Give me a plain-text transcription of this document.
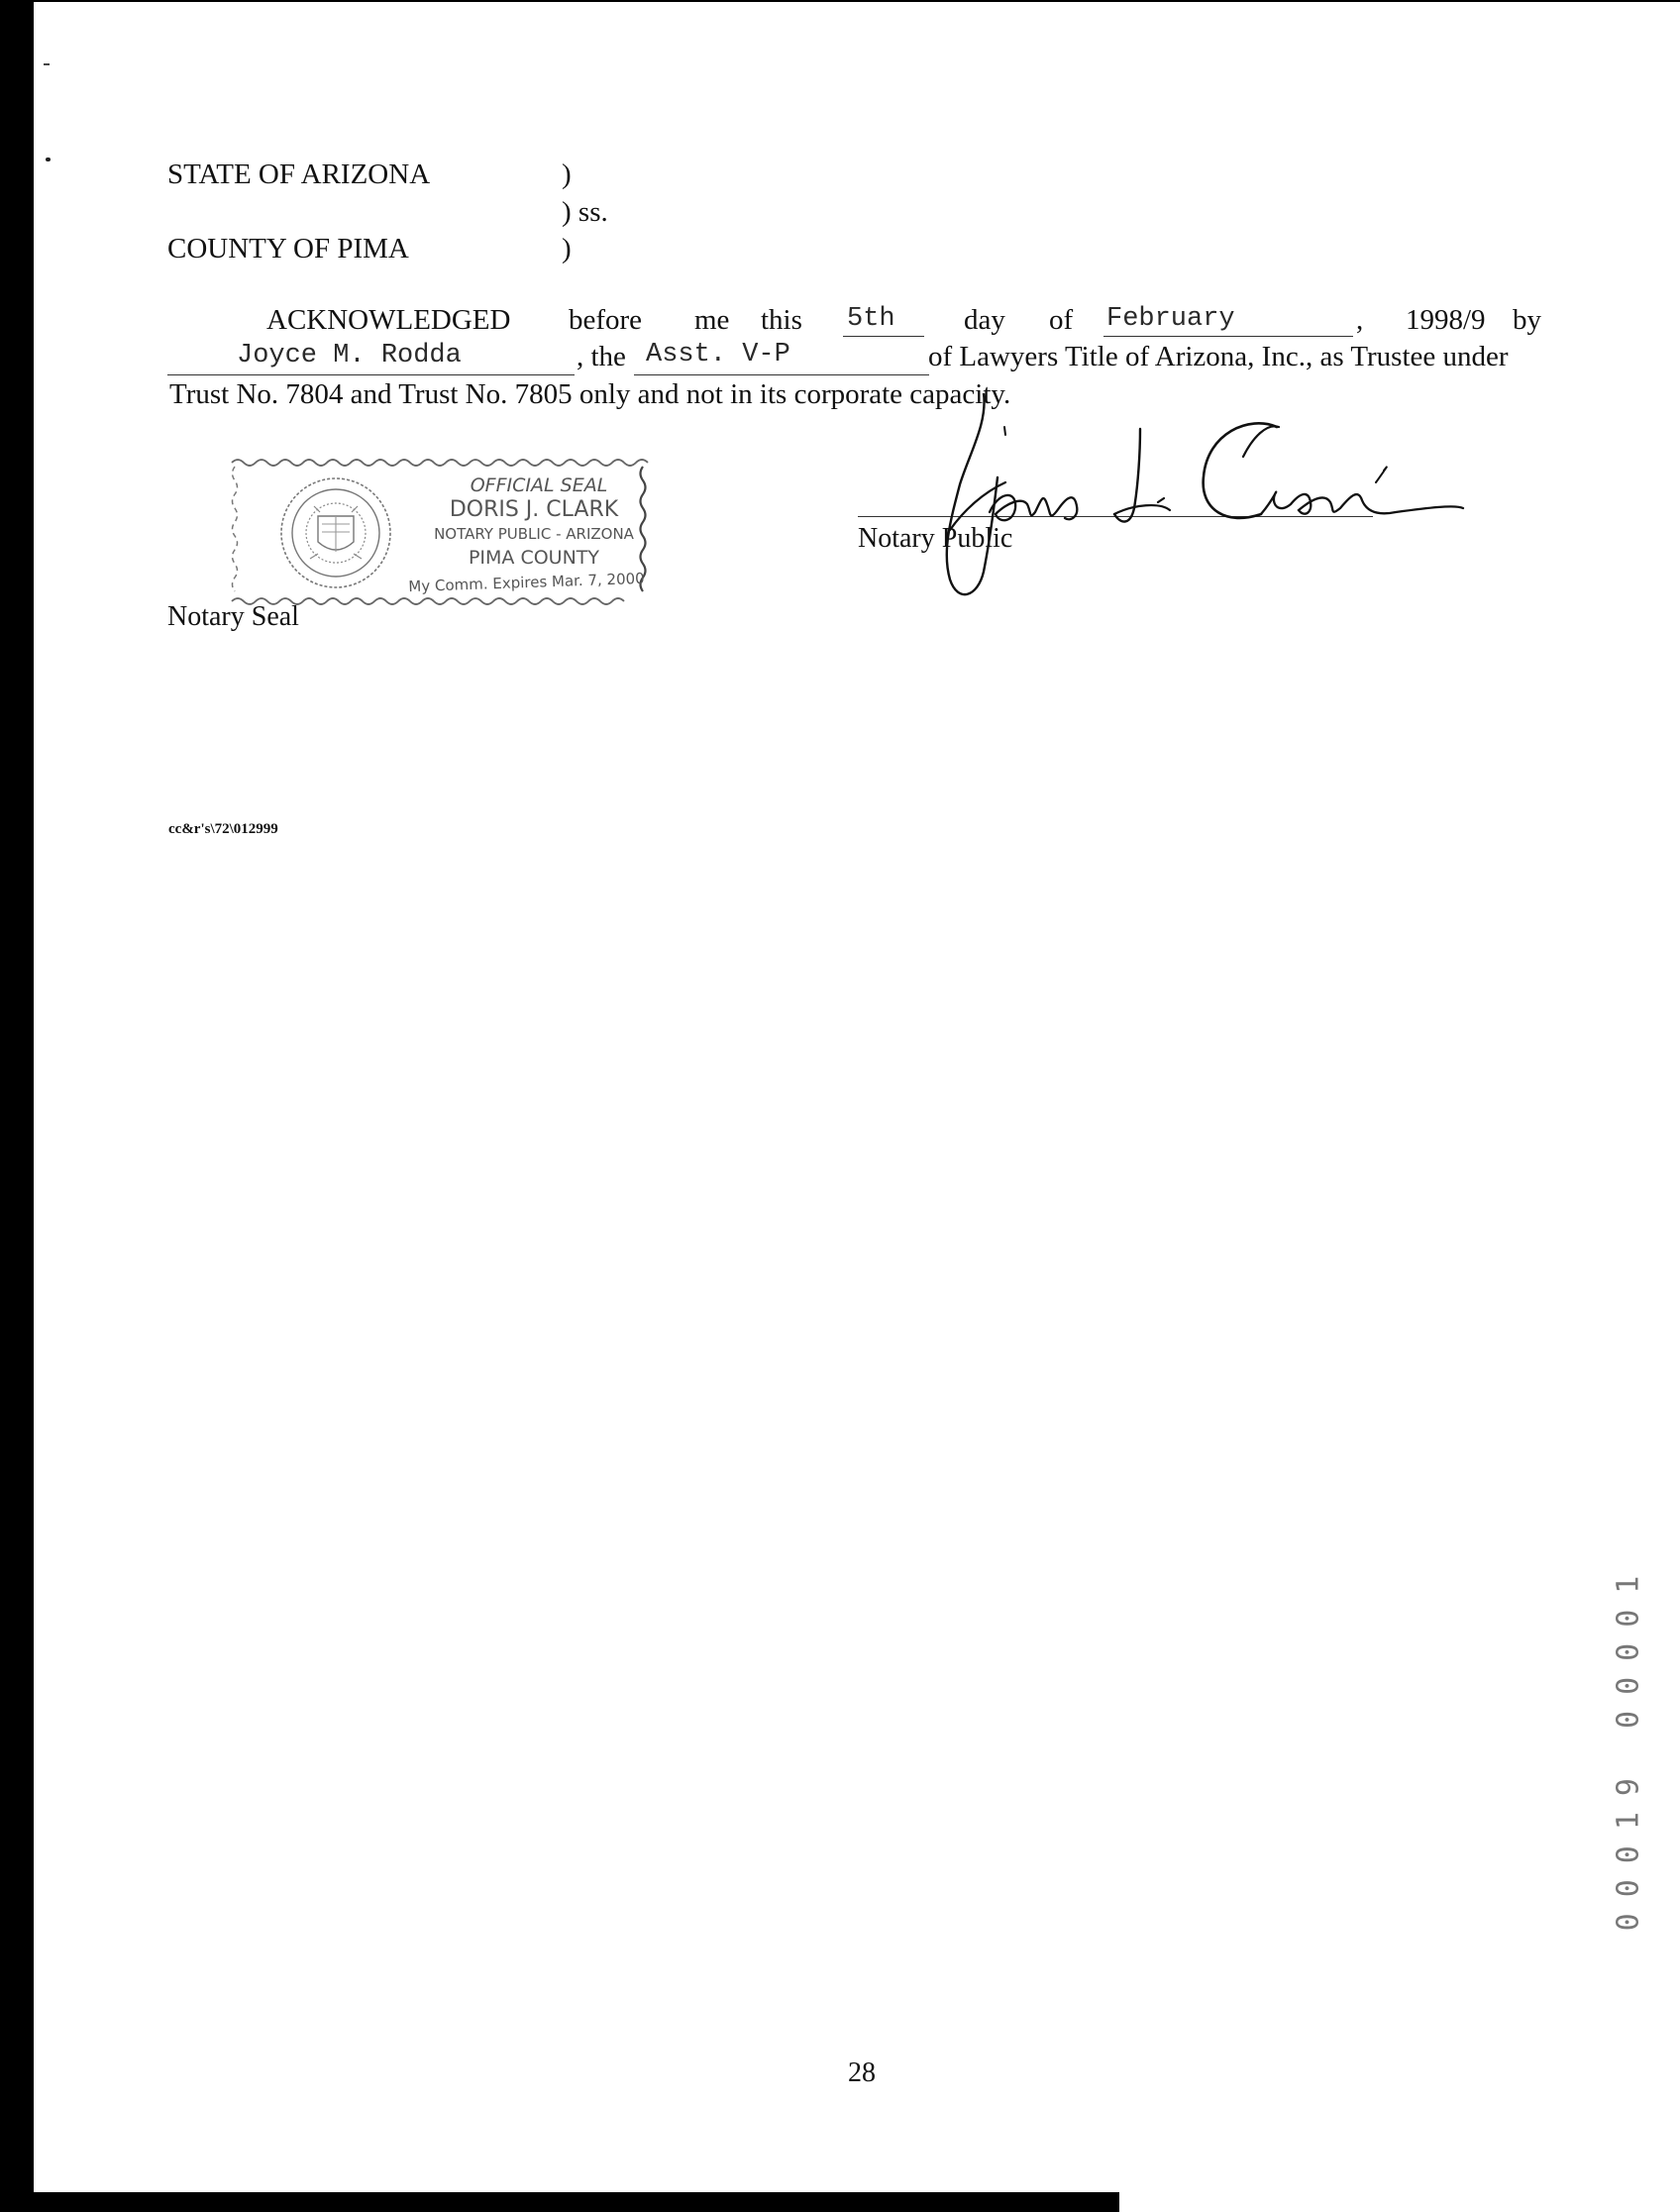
STATE OF ARIZONA	)
) ss.
COUNTY OF PIMA	)
ACKNOWLEDGED before me this 5th day of February	, 1998/9 by
Joyce M. Rodda	, the Asst. V-P	of Lawyers Title of Arizona, Inc., as Trustee under
Trust No. 7804 and Trust No. 7805 only and not in its corporate capacity.
OFFICIAL SEAL
DORIS J. CLARK
NOTARY PUBLIC - ARIZONA
PIMA COUNTY
My Comm. Expires Mar. 7, 2000
Notary Seal
Notary Public
cc&r's\72\012999
28
00019 00001
